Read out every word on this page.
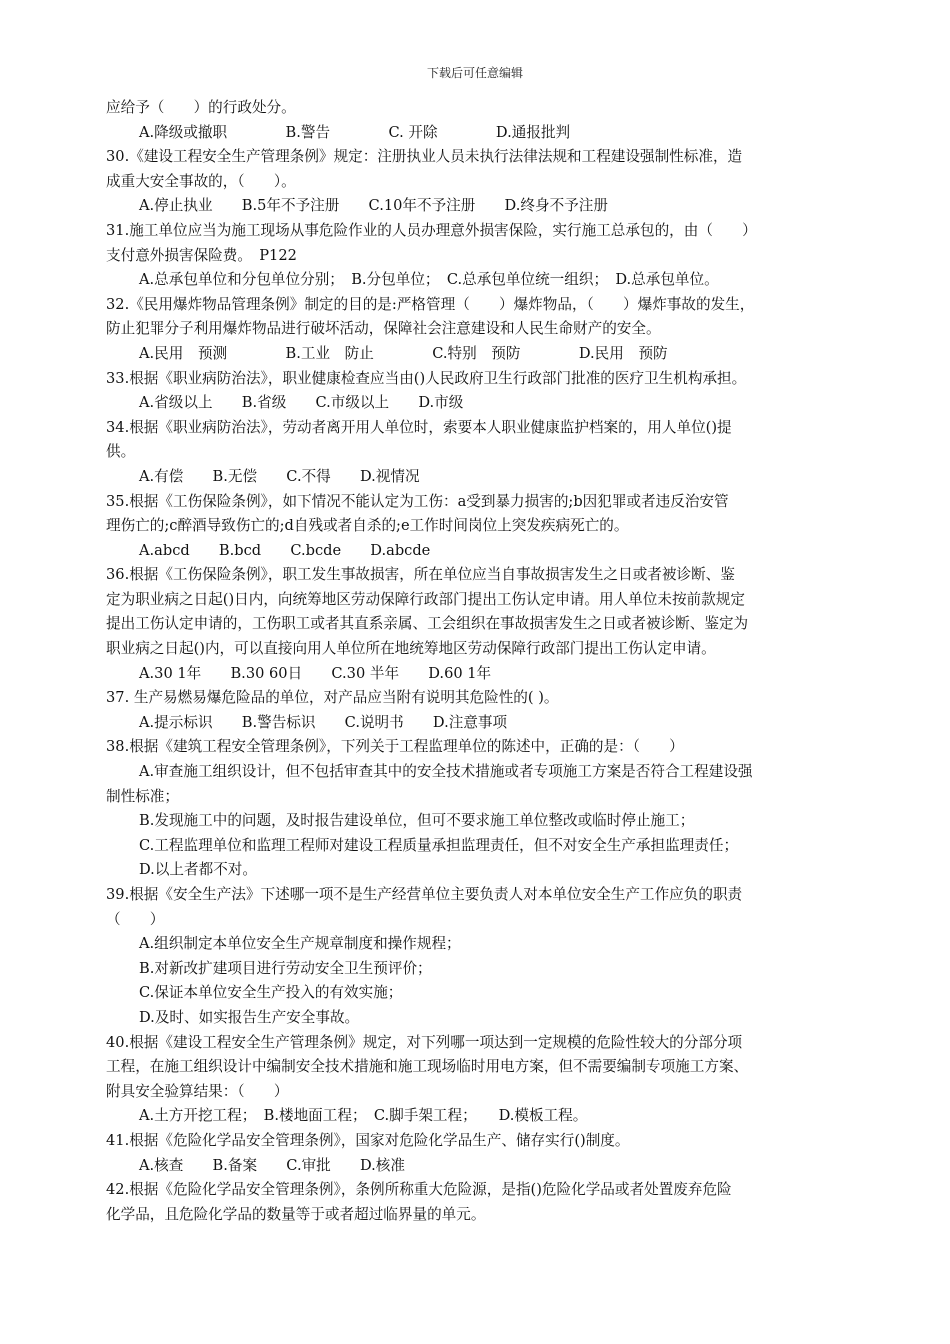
下载后可任意编辑
应给予（　　）的行政处分。
A.降级或撤职　　　　B.警告　　　　C. 开除　　　　D.通报批判
30.《建设工程安全生产管理条例》规定：注册执业人员未执行法律法规和工程建设强制性标准，造
成重大安全事故的，（　　）。
A.停止执业　　B.5年不予注册　　C.10年不予注册　　D.终身不予注册
31.施工单位应当为施工现场从事危险作业的人员办理意外损害保险，实行施工总承包的，由（　　）
支付意外损害保险费。　P122
A.总承包单位和分包单位分别；　B.分包单位；　C.总承包单位统一组织；　D.总承包单位。
32.《民用爆炸物品管理条例》制定的目的是:严格管理（　　）爆炸物品，（　　）爆炸事故的发生，
防止犯罪分子利用爆炸物品进行破坏活动，保障社会注意建设和人民生命财产的安全。
A.民用　预测　　　　B.工业　防止　　　　C.特别　预防　　　　D.民用　预防
33.根据《职业病防治法》，职业健康检查应当由()人民政府卫生行政部门批准的医疗卫生机构承担。
A.省级以上　　B.省级　　C.市级以上　　D.市级
34.根据《职业病防治法》，劳动者离开用人单位时，索要本人职业健康监护档案的，用人单位()提
供。
A.有偿　　B.无偿　　C.不得　　D.视情况
35.根据《工伤保险条例》，如下情况不能认定为工伤：a受到暴力损害的;b因犯罪或者违反治安管
理伤亡的;c醉酒导致伤亡的;d自残或者自杀的;e工作时间岗位上突发疾病死亡的。
A.abcd　　B.bcd　　C.bcde　　D.abcde
36.根据《工伤保险条例》，职工发生事故损害，所在单位应当自事故损害发生之日或者被诊断、鉴
定为职业病之日起()日内，向统筹地区劳动保障行政部门提出工伤认定申请。用人单位未按前款规定
提出工伤认定申请的，工伤职工或者其直系亲属、工会组织在事故损害发生之日或者被诊断、鉴定为
职业病之日起()内，可以直接向用人单位所在地统筹地区劳动保障行政部门提出工伤认定申请。
A.30 1年　　B.30 60日　　C.30 半年　　D.60 1年
37. 生产易燃易爆危险品的单位，对产品应当附有说明其危险性的( )。
A.提示标识　　B.警告标识　　C.说明书　　D.注意事项
38.根据《建筑工程安全管理条例》，下列关于工程监理单位的陈述中，正确的是：（　　）
A.审查施工组织设计，但不包括审查其中的安全技术措施或者专项施工方案是否符合工程建设强
制性标准；
B.发现施工中的问题，及时报告建设单位，但可不要求施工单位整改或临时停止施工；
C.工程监理单位和监理工程师对建设工程质量承担监理责任，但不对安全生产承担监理责任；
D.以上者都不对。
39.根据《安全生产法》下述哪一项不是生产经营单位主要负责人对本单位安全生产工作应负的职责
（　　）
A.组织制定本单位安全生产规章制度和操作规程；
B.对新改扩建项目进行劳动安全卫生预评价；
C.保证本单位安全生产投入的有效实施；
D.及时、如实报告生产安全事故。
40.根据《建设工程安全生产管理条例》规定，对下列哪一项达到一定规模的危险性较大的分部分项
工程，在施工组织设计中编制安全技术措施和施工现场临时用电方案，但不需要编制专项施工方案、
附具安全验算结果：（　　）
A.土方开挖工程；　B.楼地面工程；　C.脚手架工程；　　D.模板工程。
41.根据《危险化学品安全管理条例》，国家对危险化学品生产、储存实行()制度。
A.核查　　B.备案　　C.审批　　D.核准
42.根据《危险化学品安全管理条例》，条例所称重大危险源，是指()危险化学品或者处置废弃危险
化学品，且危险化学品的数量等于或者超过临界量的单元。
